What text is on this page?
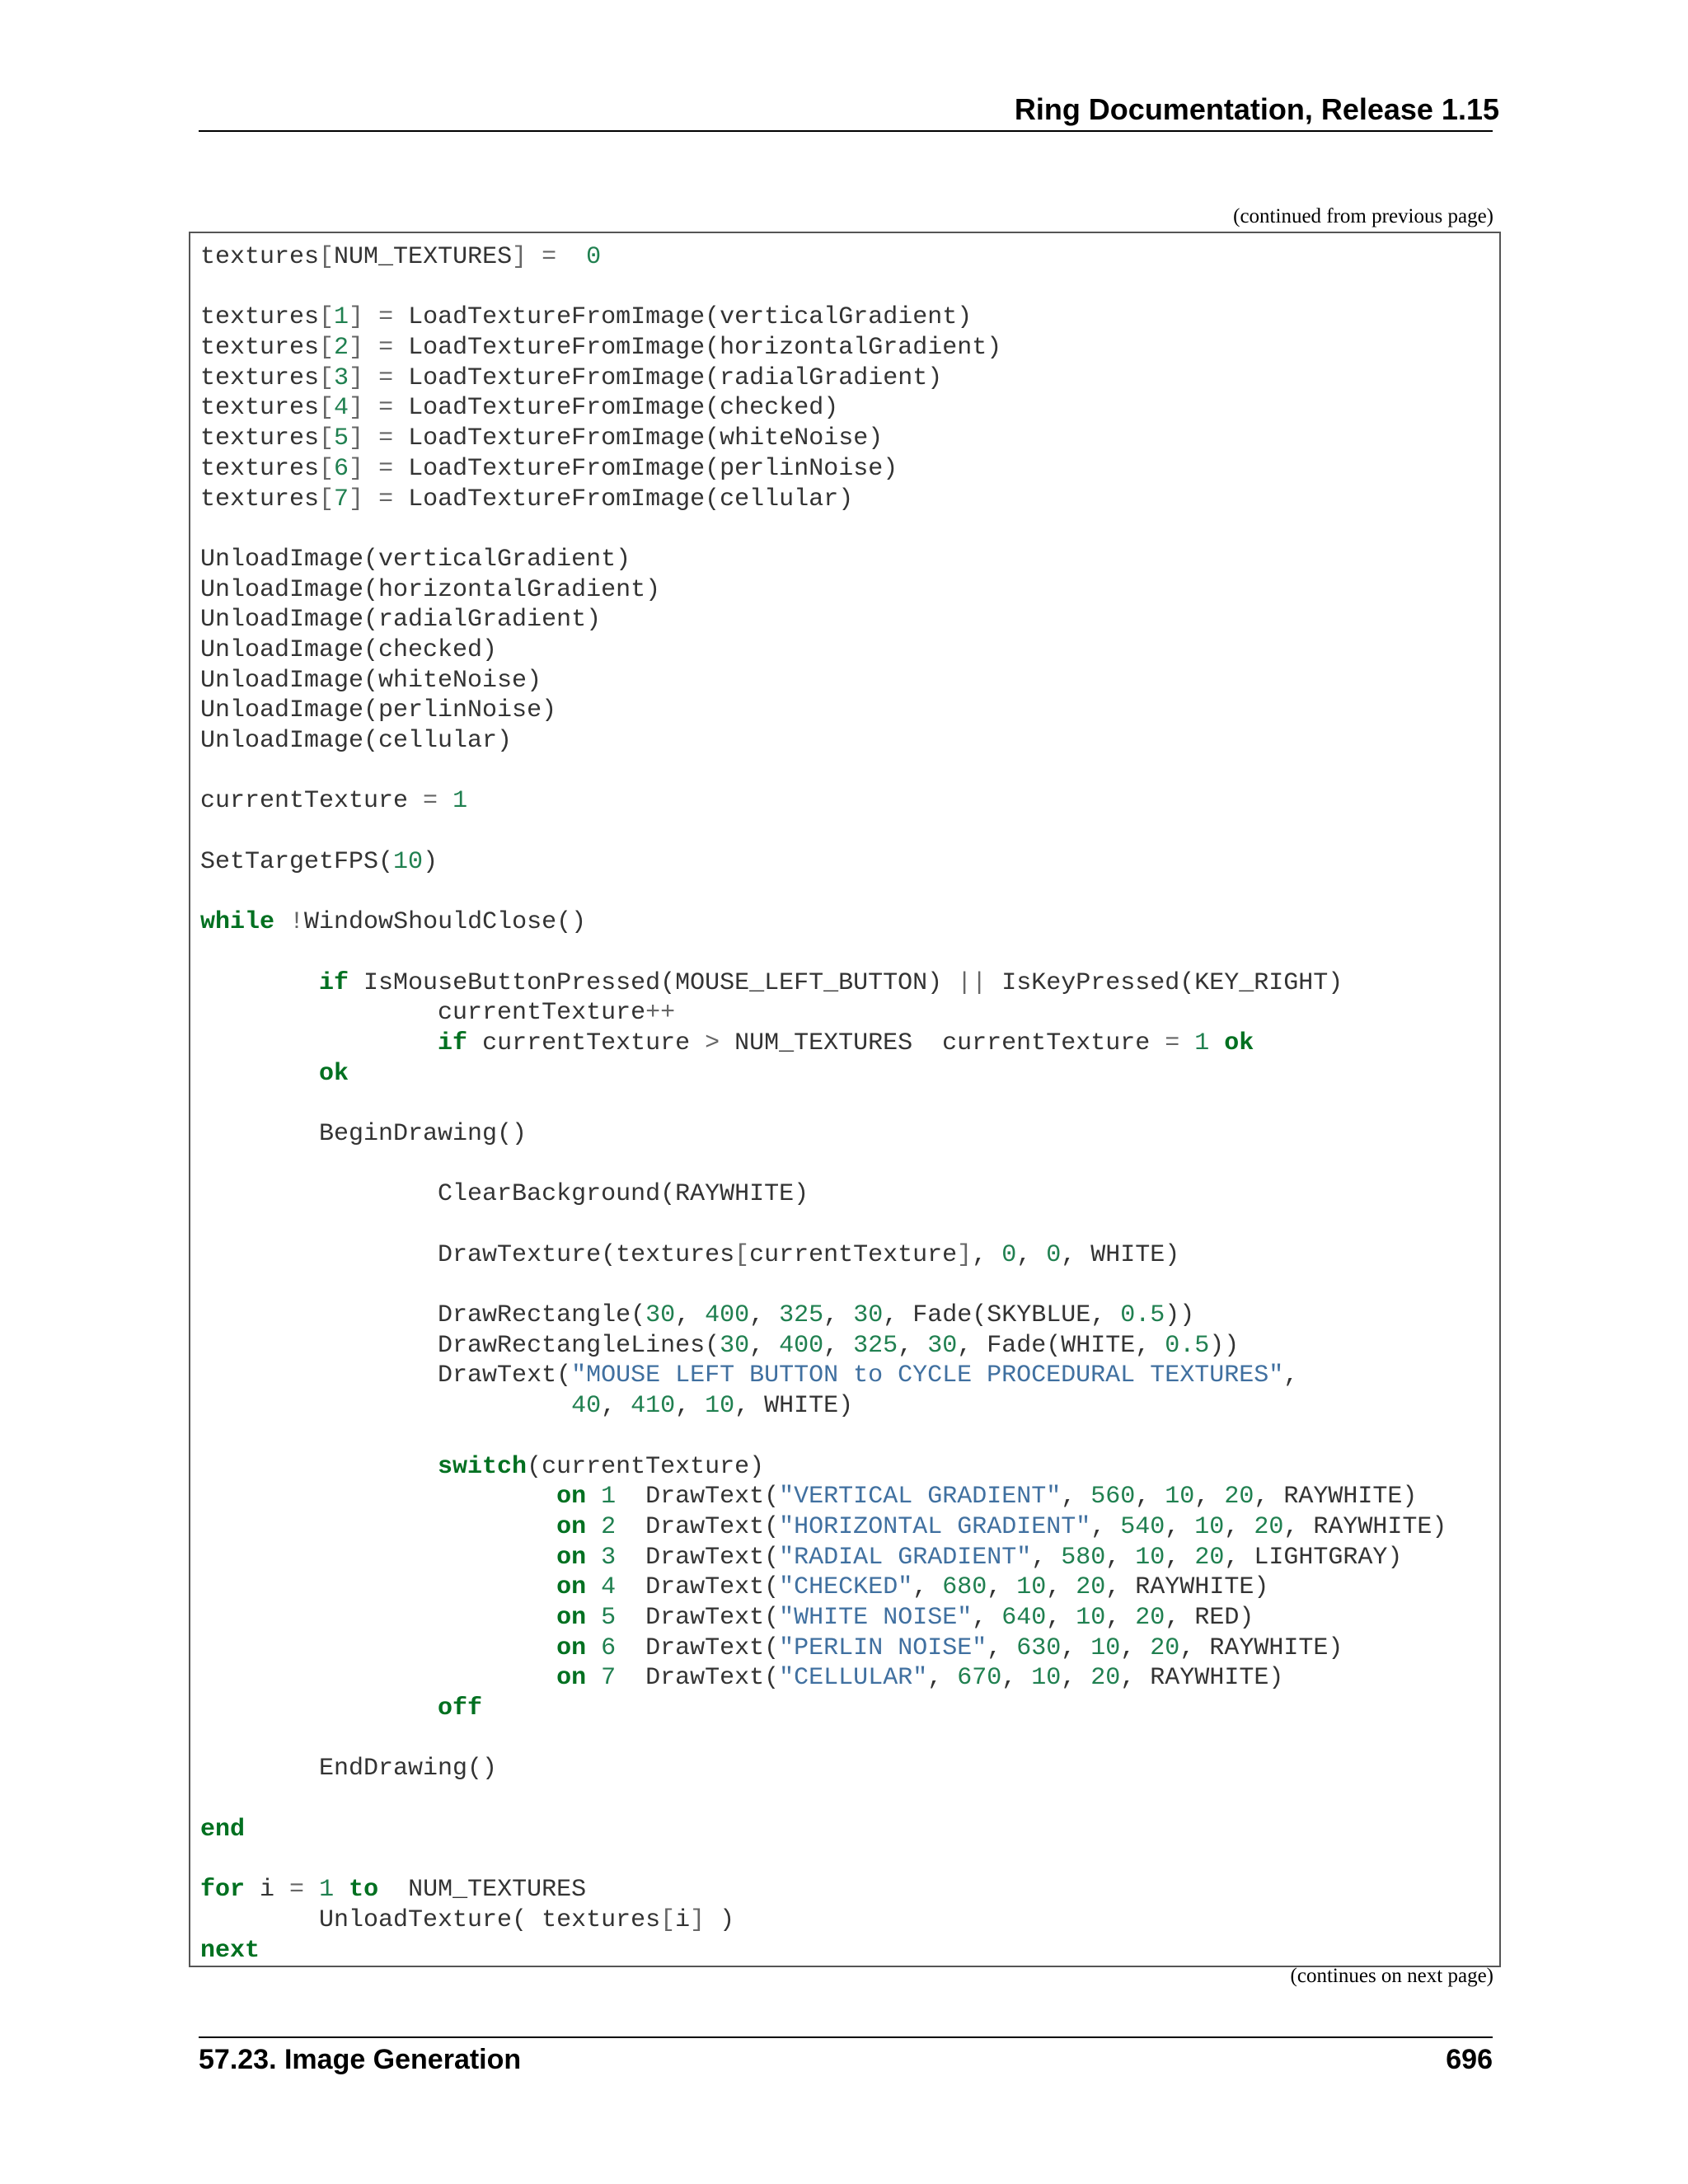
Ring Documentation, Release 1.15
(continued from previous page)
textures[NUM_TEXTURES] = 0
textures[1] = LoadTextureFromImage(verticalGradient)
textures[2] = LoadTextureFromImage(horizontalGradient)
textures[3] = LoadTextureFromImage(radialGradient)
textures[4] = LoadTextureFromImage(checked)
textures[5] = LoadTextureFromImage(whiteNoise)
textures[6] = LoadTextureFromImage(perlinNoise)
textures[7] = LoadTextureFromImage(cellular)
UnloadImage(verticalGradient)
UnloadImage(horizontalGradient)
UnloadImage(radialGradient)
UnloadImage(checked)
UnloadImage(whiteNoise)
UnloadImage(perlinNoise)
UnloadImage(cellular)
currentTexture = 1
SetTargetFPS(10)
while !WindowShouldClose()
if IsMouseButtonPressed(MOUSE_LEFT_BUTTON) || IsKeyPressed(KEY_RIGHT)
currentTexture++
if currentTexture > NUM_TEXTURES  currentTexture = 1 ok
ok
BeginDrawing()
ClearBackground(RAYWHITE)
DrawTexture(textures[currentTexture], 0, 0, WHITE)
DrawRectangle(30, 400, 325, 30, Fade(SKYBLUE, 0.5))
DrawRectangleLines(30, 400, 325, 30, Fade(WHITE, 0.5))
DrawText("MOUSE LEFT BUTTON to CYCLE PROCEDURAL TEXTURES",
40, 410, 10, WHITE)
switch(currentTexture)
on 1  DrawText("VERTICAL GRADIENT", 560, 10, 20, RAYWHITE)
on 2  DrawText("HORIZONTAL GRADIENT", 540, 10, 20, RAYWHITE)
on 3  DrawText("RADIAL GRADIENT", 580, 10, 20, LIGHTGRAY)
on 4  DrawText("CHECKED", 680, 10, 20, RAYWHITE)
on 5  DrawText("WHITE NOISE", 640, 10, 20, RED)
on 6  DrawText("PERLIN NOISE", 630, 10, 20, RAYWHITE)
on 7  DrawText("CELLULAR", 670, 10, 20, RAYWHITE)
off
EndDrawing()
end
for i = 1 to  NUM_TEXTURES
UnloadTexture( textures[i] )
next
(continues on next page)
57.23. Image Generation	696
